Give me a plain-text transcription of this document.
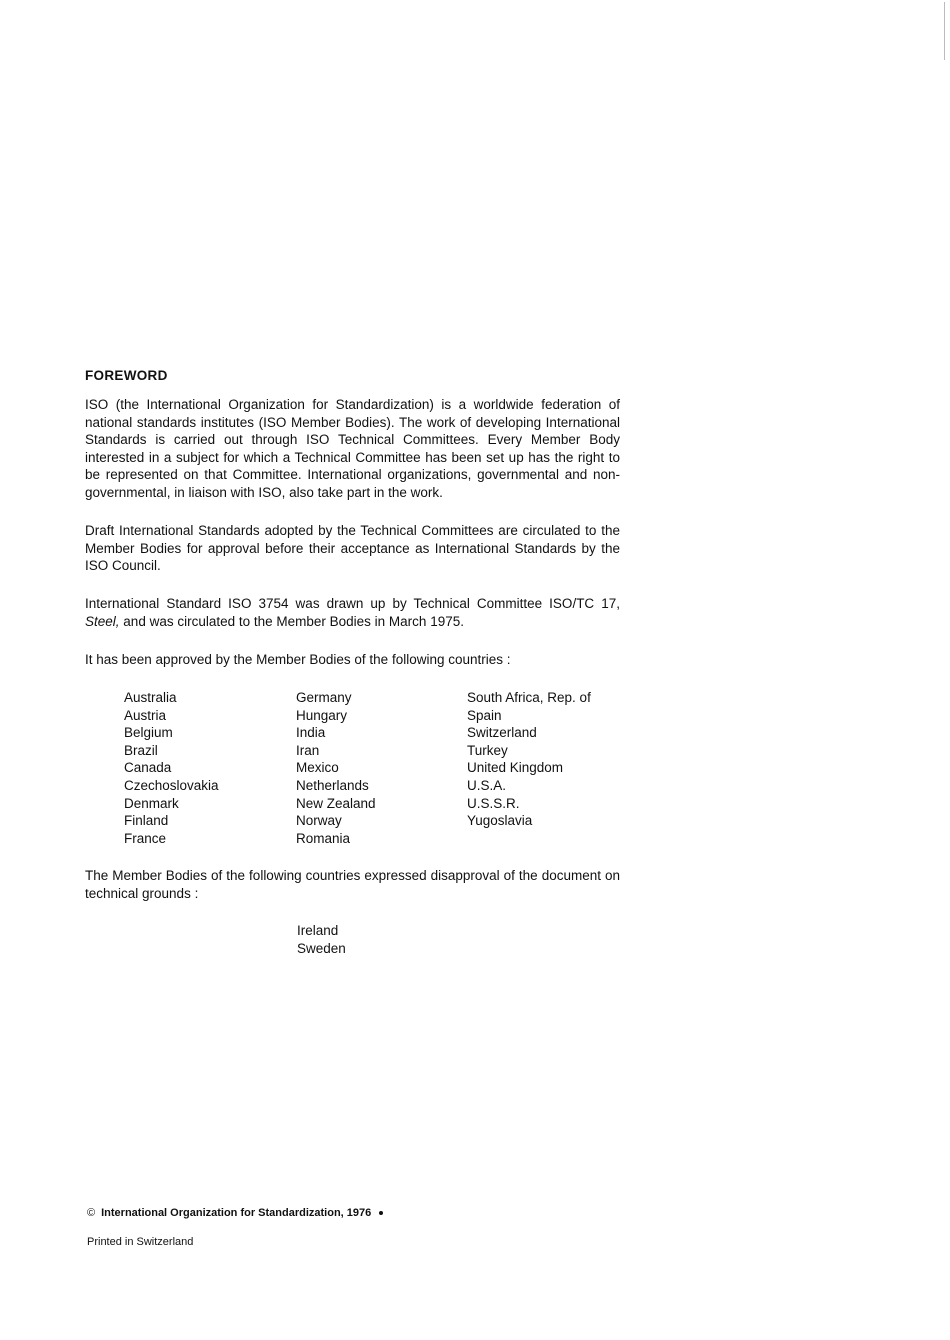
FOREWORD

ISO (the International Organization for Standardization) is a worldwide federation of national standards institutes (ISO Member Bodies). The work of developing International Standards is carried out through ISO Technical Committees. Every Member Body interested in a subject for which a Technical Committee has been set up has the right to be represented on that Committee. International organizations, governmental and non-governmental, in liaison with ISO, also take part in the work.

Draft International Standards adopted by the Technical Committees are circulated to the Member Bodies for approval before their acceptance as International Standards by the ISO Council.

International Standard ISO 3754 was drawn up by Technical Committee ISO/TC 17, Steel, and was circulated to the Member Bodies in March 1975.

It has been approved by the Member Bodies of the following countries :

Australia
Austria
Belgium
Brazil
Canada
Czechoslovakia
Denmark
Finland
France
Germany
Hungary
India
Iran
Mexico
Netherlands
New Zealand
Norway
Romania
South Africa, Rep. of
Spain
Switzerland
Turkey
United Kingdom
U.S.A.
U.S.S.R.
Yugoslavia

The Member Bodies of the following countries expressed disapproval of the document on technical grounds :

Ireland
Sweden
© International Organization for Standardization, 1976
Printed in Switzerland
